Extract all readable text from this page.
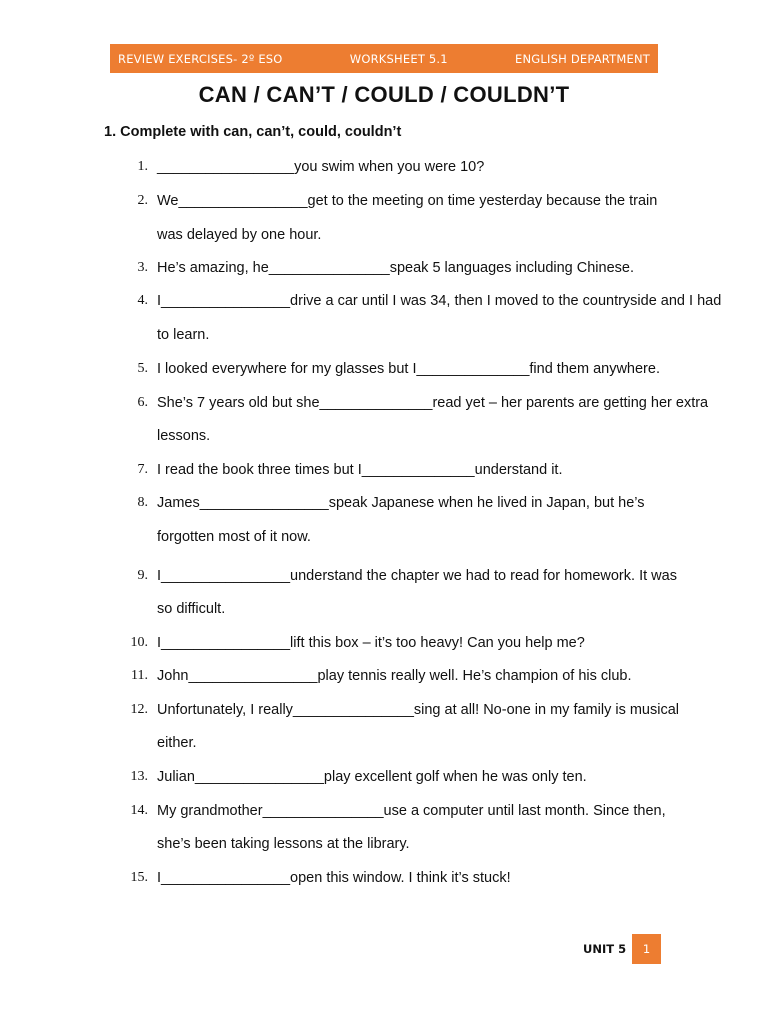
REVIEW EXERCISES- 2º ESO	WORKSHEET 5.1	ENGLISH DEPARTMENT
CAN / CAN’T / COULD / COULDN’T
1. Complete with can, can’t, could, couldn’t
1. _________________you swim when you were 10?
2. We________________get to the meeting on time yesterday because the train
was delayed by one hour.
3. He’s amazing, he_______________speak 5 languages including Chinese.
4. I________________drive a car until I was 34, then I moved to the countryside and I had
to learn.
5. I looked everywhere for my glasses but I______________find them anywhere.
6. She’s 7 years old but she______________read yet – her parents are getting her extra
lessons.
7. I read the book three times but I______________understand it.
8. James________________speak Japanese when he lived in Japan, but he’s
forgotten most of it now.
9. I________________understand the chapter we had to read for homework. It was
so difficult.
10. I________________lift this box – it’s too heavy! Can you help me?
11. John________________play tennis really well. He’s champion of his club.
12. Unfortunately, I really_______________sing at all! No-one in my family is musical
either.
13. Julian________________play excellent golf when he was only ten.
14. My grandmother_______________use a computer until last month. Since then,
she’s been taking lessons at the library.
15. I________________open this window. I think it’s stuck!
UNIT 5	1
